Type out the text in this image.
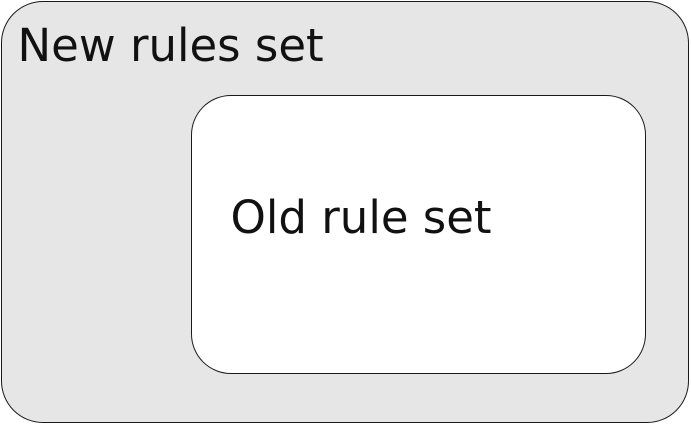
New rules set

Old rule set
